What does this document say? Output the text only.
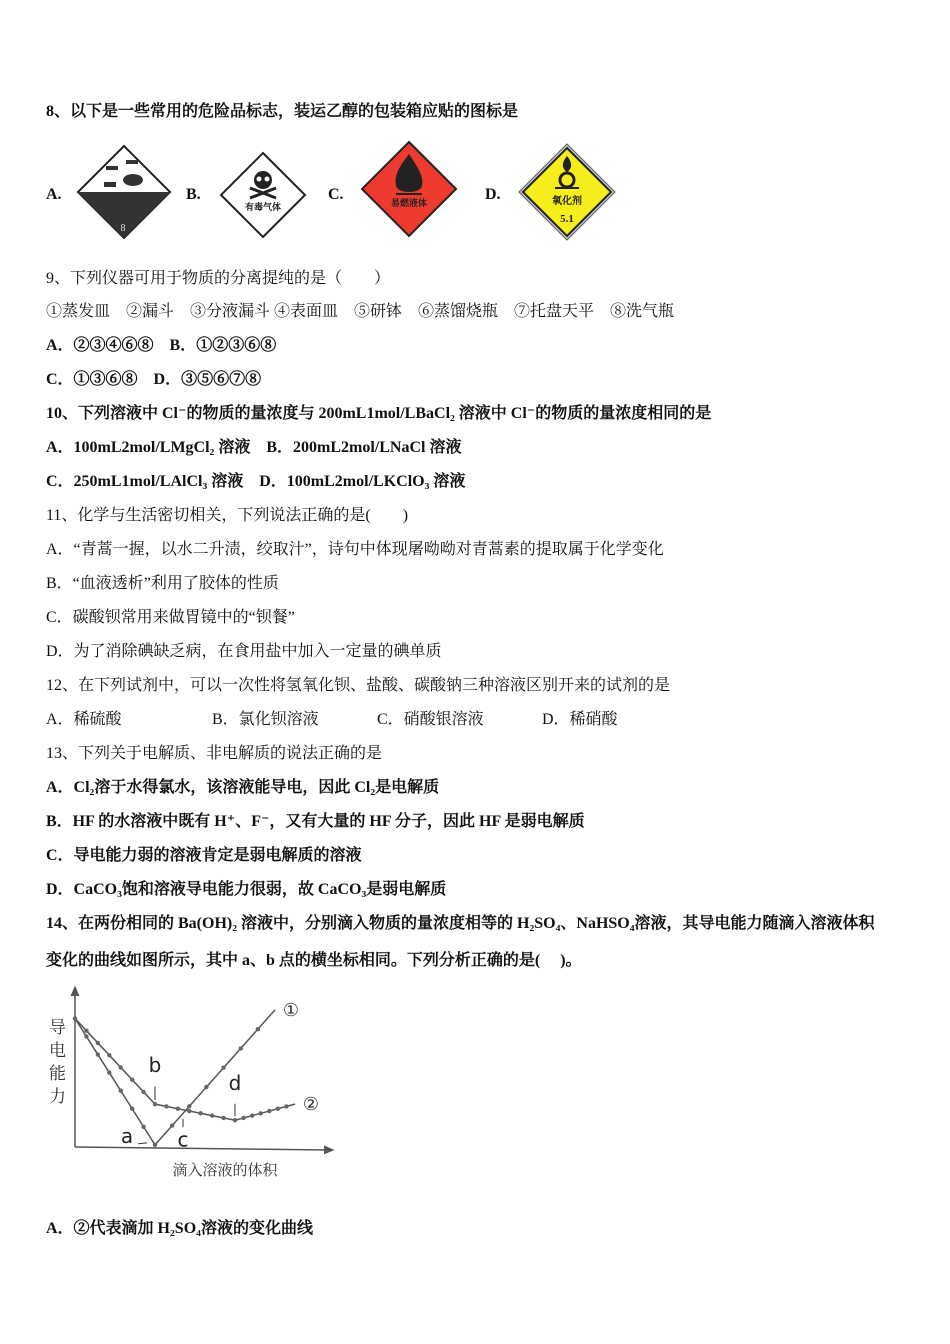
8、以下是一些常用的危险品标志，装运乙醇的包装箱应贴的图标是
A.
8
B.
有毒气体
C.	易燃液体	D.	氧化剂
5.1
9、下列仪器可用于物质的分离提纯的是（　　）
①蒸发皿　②漏斗　③分液漏斗 ④表面皿　⑤研钵　⑥蒸馏烧瓶　⑦托盘天平　⑧洗气瓶
A．②③④⑥⑧　B．①②③⑥⑧
C．①③⑥⑧　D．③⑤⑥⑦⑧
10、下列溶液中 Cl⁻的物质的量浓度与 200mL1mol/LBaCl₂ 溶液中 Cl⁻的物质的量浓度相同的是
A．100mL2mol/LMgCl₂ 溶液　B．200mL2mol/LNaCl 溶液
C．250mL1mol/LAlCl₃ 溶液　D．100mL2mol/LKClO₃ 溶液
11、化学与生活密切相关，下列说法正确的是(　　)
A．“青蒿一握，以水二升渍，绞取汁”，诗句中体现屠呦呦对青蒿素的提取属于化学变化
B．“血液透析”利用了胶体的性质
C．碳酸钡常用来做胃镜中的“钡餐”
D．为了消除碘缺乏病，在食用盐中加入一定量的碘单质
12、在下列试剂中，可以一次性将氢氧化钡、盐酸、碳酸钠三种溶液区别开来的试剂的是
A．稀硫酸	B．氯化钡溶液	C．硝酸银溶液	D．稀硝酸
13、下列关于电解质、非电解质的说法正确的是
A．Cl₂溶于水得氯水，该溶液能导电，因此 Cl₂是电解质
B．HF 的水溶液中既有 H⁺、F⁻，又有大量的 HF 分子，因此 HF 是弱电解质
C．导电能力弱的溶液肯定是弱电解质的溶液
D．CaCO₃饱和溶液导电能力很弱，故 CaCO₃是弱电解质
14、在两份相同的 Ba(OH)₂ 溶液中，分别滴入物质的量浓度相等的 H₂SO₄、NaHSO₄溶液，其导电能力随滴入溶液体积
变化的曲线如图所示，其中 a、b 点的横坐标相同。下列分析正确的是(　 )。
①
②
导
电
能
力
滴入溶液的体积
a
b
c
d
A．②代表滴加 H₂SO₄溶液的变化曲线
